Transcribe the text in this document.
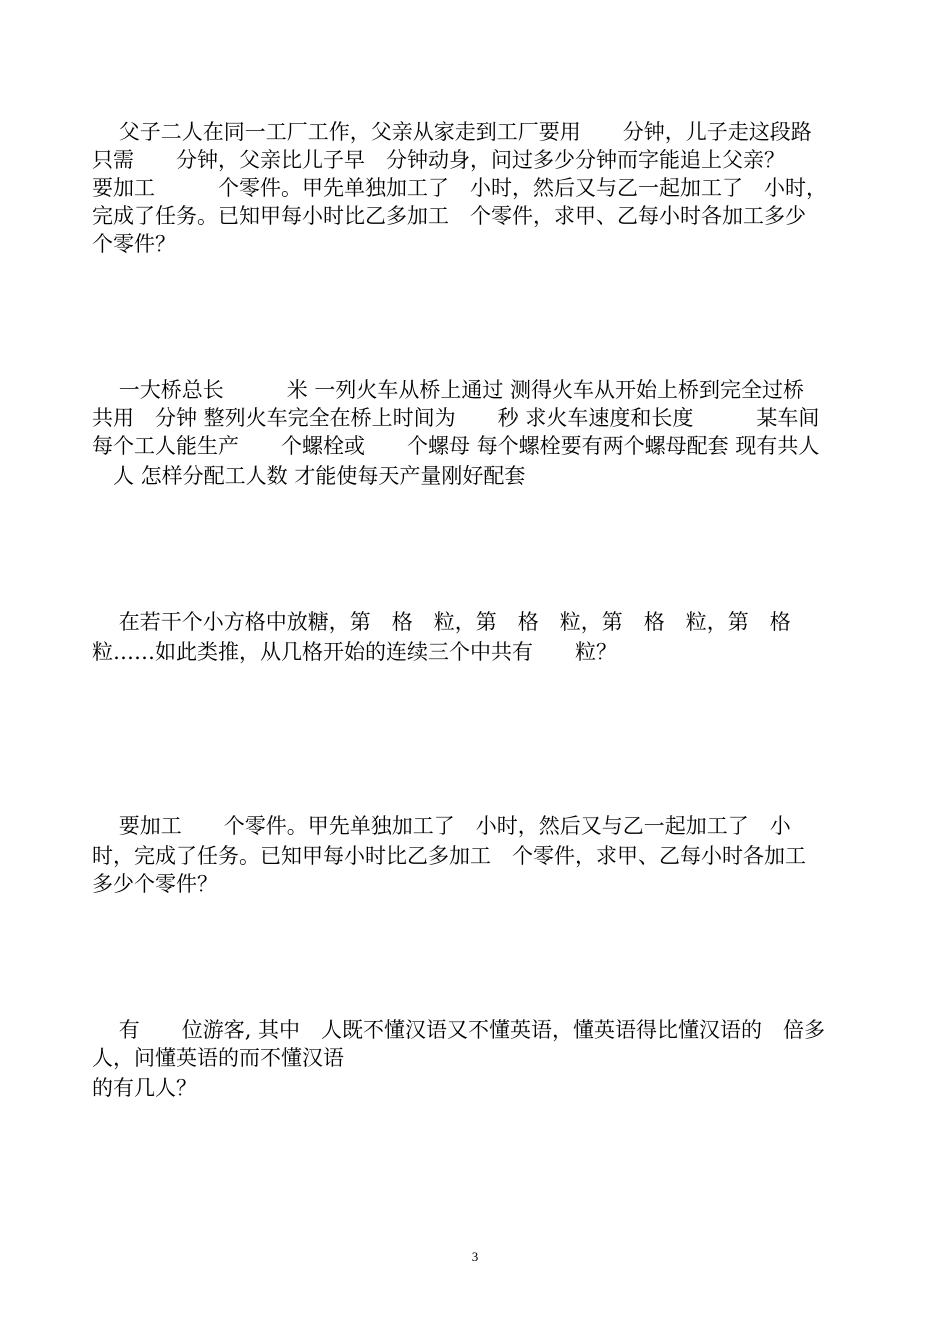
父子二人在同一工厂工作，父亲从家走到工厂要用　　分钟，儿子走这段路
只需　　分钟，父亲比儿子早　分钟动身，问过多少分钟而字能追上父亲？
要加工　　　个零件。甲先单独加工了　小时，然后又与乙一起加工了　小时，
完成了任务。已知甲每小时比乙多加工　个零件，求甲、乙每小时各加工多少
个零件？
一大桥总长　　　米 一列火车从桥上通过 测得火车从开始上桥到完全过桥
共用　分钟 整列火车完全在桥上时间为　　秒 求火车速度和长度　　　某车间
每个工人能生产　　个螺栓或　　个螺母 每个螺栓要有两个螺母配套 现有共人
　人 怎样分配工人数 才能使每天产量刚好配套
在若干个小方格中放糖，第　格　粒，第　格　粒，第　格　粒，第　格
粒……如此类推，从几格开始的连续三个中共有　　粒？
要加工　　个零件。甲先单独加工了　小时，然后又与乙一起加工了　小
时，完成了任务。已知甲每小时比乙多加工　个零件，求甲、乙每小时各加工
多少个零件？
有　　位游客, 其中　人既不懂汉语又不懂英语，懂英语得比懂汉语的　倍多
人，问懂英语的而不懂汉语
的有几人？
3
